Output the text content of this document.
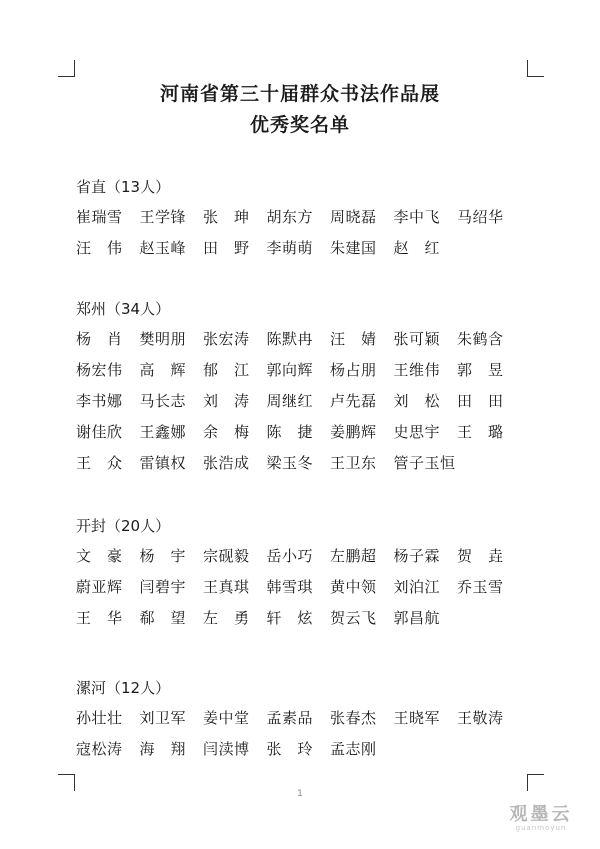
河南省第三十届群众书法作品展
优秀奖名单
省直（13人）
崔瑞雪	王学锋	张　珅	胡东方	周晓磊	李中飞	马绍华
汪　伟	赵玉峰	田　野	李萌萌	朱建国	赵　红
郑州（34人）
杨　肖	樊明朋	张宏涛	陈默冉	汪　婧	张可颖	朱鹤含
杨宏伟	高　辉	郁　江	郭向辉	杨占朋	王维伟	郭　昱
李书娜	马长志	刘　涛	周继红	卢先磊	刘　松	田　田
谢佳欣	王鑫娜	余　梅	陈　捷	姜鹏辉	史思宇	王　璐
王　众	雷镇权	张浩成	梁玉冬	王卫东	管子玉恒
开封（20人）
文　豪	杨　宇	宗砚毅	岳小巧	左鹏超	杨子霖	贺　垚
蔚亚辉	闫碧宇	王真琪	韩雪琪	黄中领	刘泊江	乔玉雪
王　华	郗　望	左　勇	轩　炫	贺云飞	郭昌航
漯河（12人）
孙壮壮	刘卫军	姜中堂	孟素品	张春杰	王晓军	王敬涛
寇松涛	海　翔	闫渎博	张　玲	孟志刚
1
观墨云
guanmoyun
